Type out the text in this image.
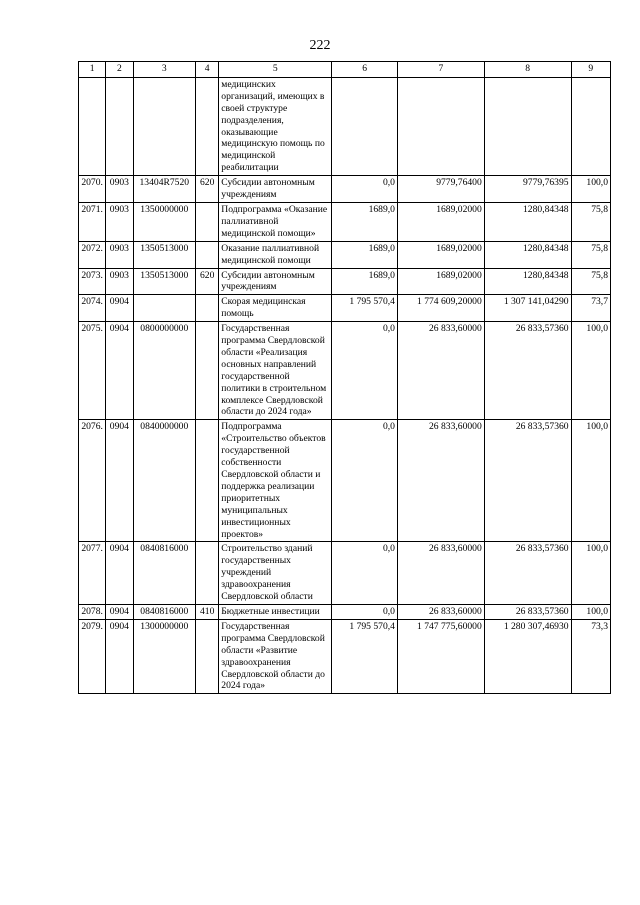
222
1	2	3	4	5	6	7	8	9
				медицинских организаций, имеющих в своей структуре подразделения, оказывающие медицинскую помощь по медицинской реабилитации				
2070.	0903	13404R7520	620	Субсидии автономным учреждениям	0,0	9779,76400	9779,76395	100,0
2071.	0903	1350000000		Подпрограмма «Оказание паллиативной медицинской помощи»	1689,0	1689,02000	1280,84348	75,8
2072.	0903	1350513000		Оказание паллиативной медицинской помощи	1689,0	1689,02000	1280,84348	75,8
2073.	0903	1350513000	620	Субсидии автономным учреждениям	1689,0	1689,02000	1280,84348	75,8
2074.	0904			Скорая медицинская помощь	1 795 570,4	1 774 609,20000	1 307 141,04290	73,7
2075.	0904	0800000000		Государственная программа Свердловской области «Реализация основных направлений государственной политики в строительном комплексе Свердловской области до 2024 года»	0,0	26 833,60000	26 833,57360	100,0
2076.	0904	0840000000		Подпрограмма «Строительство объектов государственной собственности Свердловской области и поддержка реализации приоритетных муниципальных инвестиционных проектов»	0,0	26 833,60000	26 833,57360	100,0
2077.	0904	0840816000		Строительство зданий государственных учреждений здравоохранения Свердловской области	0,0	26 833,60000	26 833,57360	100,0
2078.	0904	0840816000	410	Бюджетные инвестиции	0,0	26 833,60000	26 833,57360	100,0
2079.	0904	1300000000		Государственная программа Свердловской области «Развитие здравоохранения Свердловской области до 2024 года»	1 795 570,4	1 747 775,60000	1 280 307,46930	73,3
